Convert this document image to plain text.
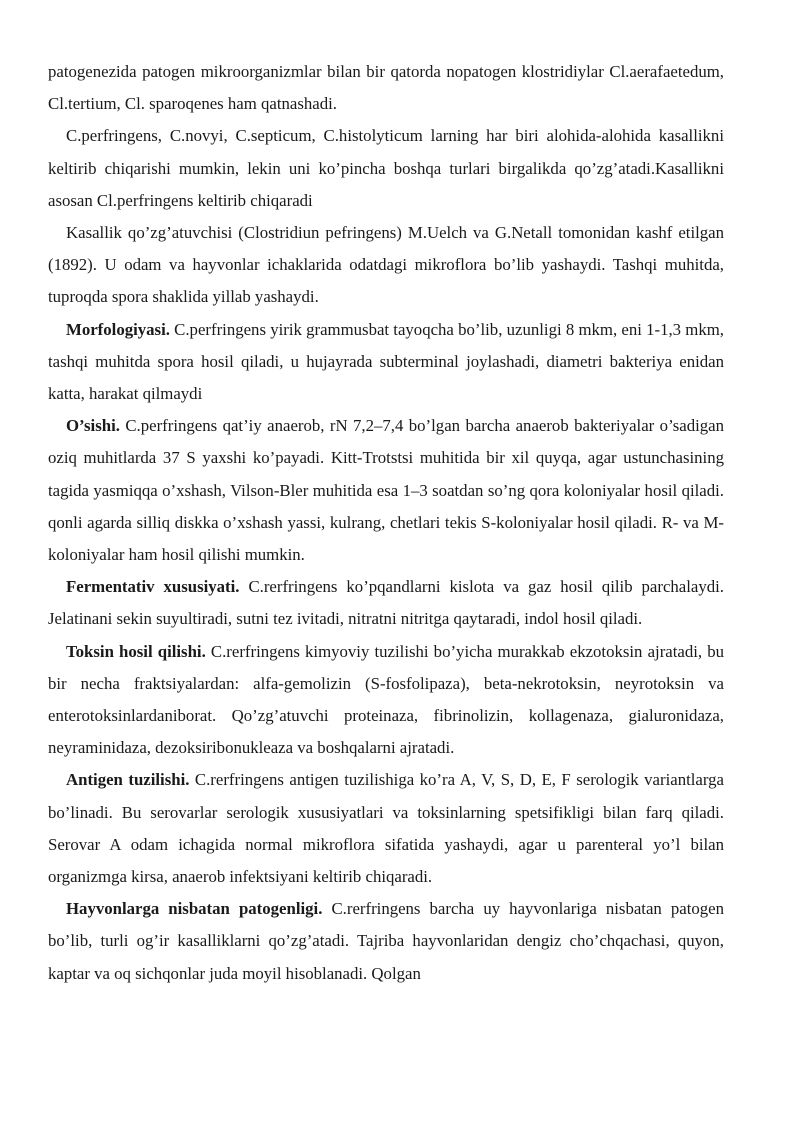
patogenezida patogen mikroorganizmlar bilan bir qatorda nopatogen klostridiylar Cl.aerafaetedum, Cl.tertium, Cl. sparoqenes ham qatnashadi.

C.perfringens, C.novyi, C.septicum, C.histolyticum larning har biri alohida-alohida kasallikni keltirib chiqarishi mumkin, lekin uni ko’pincha boshqa turlari birgalikda qo’zg’atadi.Kasallikni asosan Cl.perfringens keltirib chiqaradi

Kasallik qo’zg’atuvchisi (Clostridiun pefringens) M.Uelch va G.Netall tomonidan kashf etilgan (1892). U odam va hayvonlar ichaklarida odatdagi mikroflora bo’lib yashaydi. Tashqi muhitda, tuproqda spora shaklida yillab yashaydi.

Morfologiyasi. C.perfringens yirik grammusbat tayoqcha bo’lib, uzunligi 8 mkm, eni 1-1,3 mkm, tashqi muhitda spora hosil qiladi, u hujayrada subterminal joylashadi, diametri bakteriya enidan katta, harakat qilmaydi

O’sishi. C.perfringens qat’iy anaerob, rN 7,2–7,4 bo’lgan barcha anaerob bakteriyalar o’sadigan oziq muhitlarda 37 S yaxshi ko’payadi. Kitt-Trotstsi muhitida bir xil quyqa, agar ustunchasining tagida yasmiqqa o’xshash, Vilson-Bler muhitida esa 1–3 soatdan so’ng qora koloniyalar hosil qiladi. qonli agarda silliq diskka o’xshash yassi, kulrang, chetlari tekis S-koloniyalar hosil qiladi. R- va M-koloniyalar ham hosil qilishi mumkin.

Fermentativ xususiyati. C.rerfringens ko’pqandlarni kislota va gaz hosil qilib parchalaydi. Jelatinani sekin suyultiradi, sutni tez ivitadi, nitratni nitritga qaytaradi, indol hosil qiladi.

Toksin hosil qilishi. C.rerfringens kimyoviy tuzilishi bo’yicha murakkab ekzotoksin ajratadi, bu bir necha fraktsiyalardan: alfa-gemolizin (S-fosfolipaza), beta-nekrotoksin, neyrotoksin va enterotoksinlardaniborat. Qo’zg’atuvchi proteinaza, fibrinolizin, kollagenaza, gialuronidaza, neyraminidaza, dezoksiribonukleaza va boshqalarni ajratadi.

Antigen tuzilishi. C.rerfringens antigen tuzilishiga ko’ra A, V, S, D, E, F serologik variantlarga bo’linadi. Bu serovarlar serologik xususiyatlari va toksinlarning spetsifikligi bilan farq qiladi. Serovar A odam ichagida normal mikroflora sifatida yashaydi, agar u parenteral yo’l bilan organizmga kirsa, anaerob infektsiyani keltirib chiqaradi.

Hayvonlarga nisbatan patogenligi. C.rerfringens barcha uy hayvonlariga nisbatan patogen bo’lib, turli og’ir kasalliklarni qo’zg’atadi. Tajriba hayvonlaridan dengiz cho’chqachasi, quyon, kaptar va oq sichqonlar juda moyil hisoblanadi. Qolgan
